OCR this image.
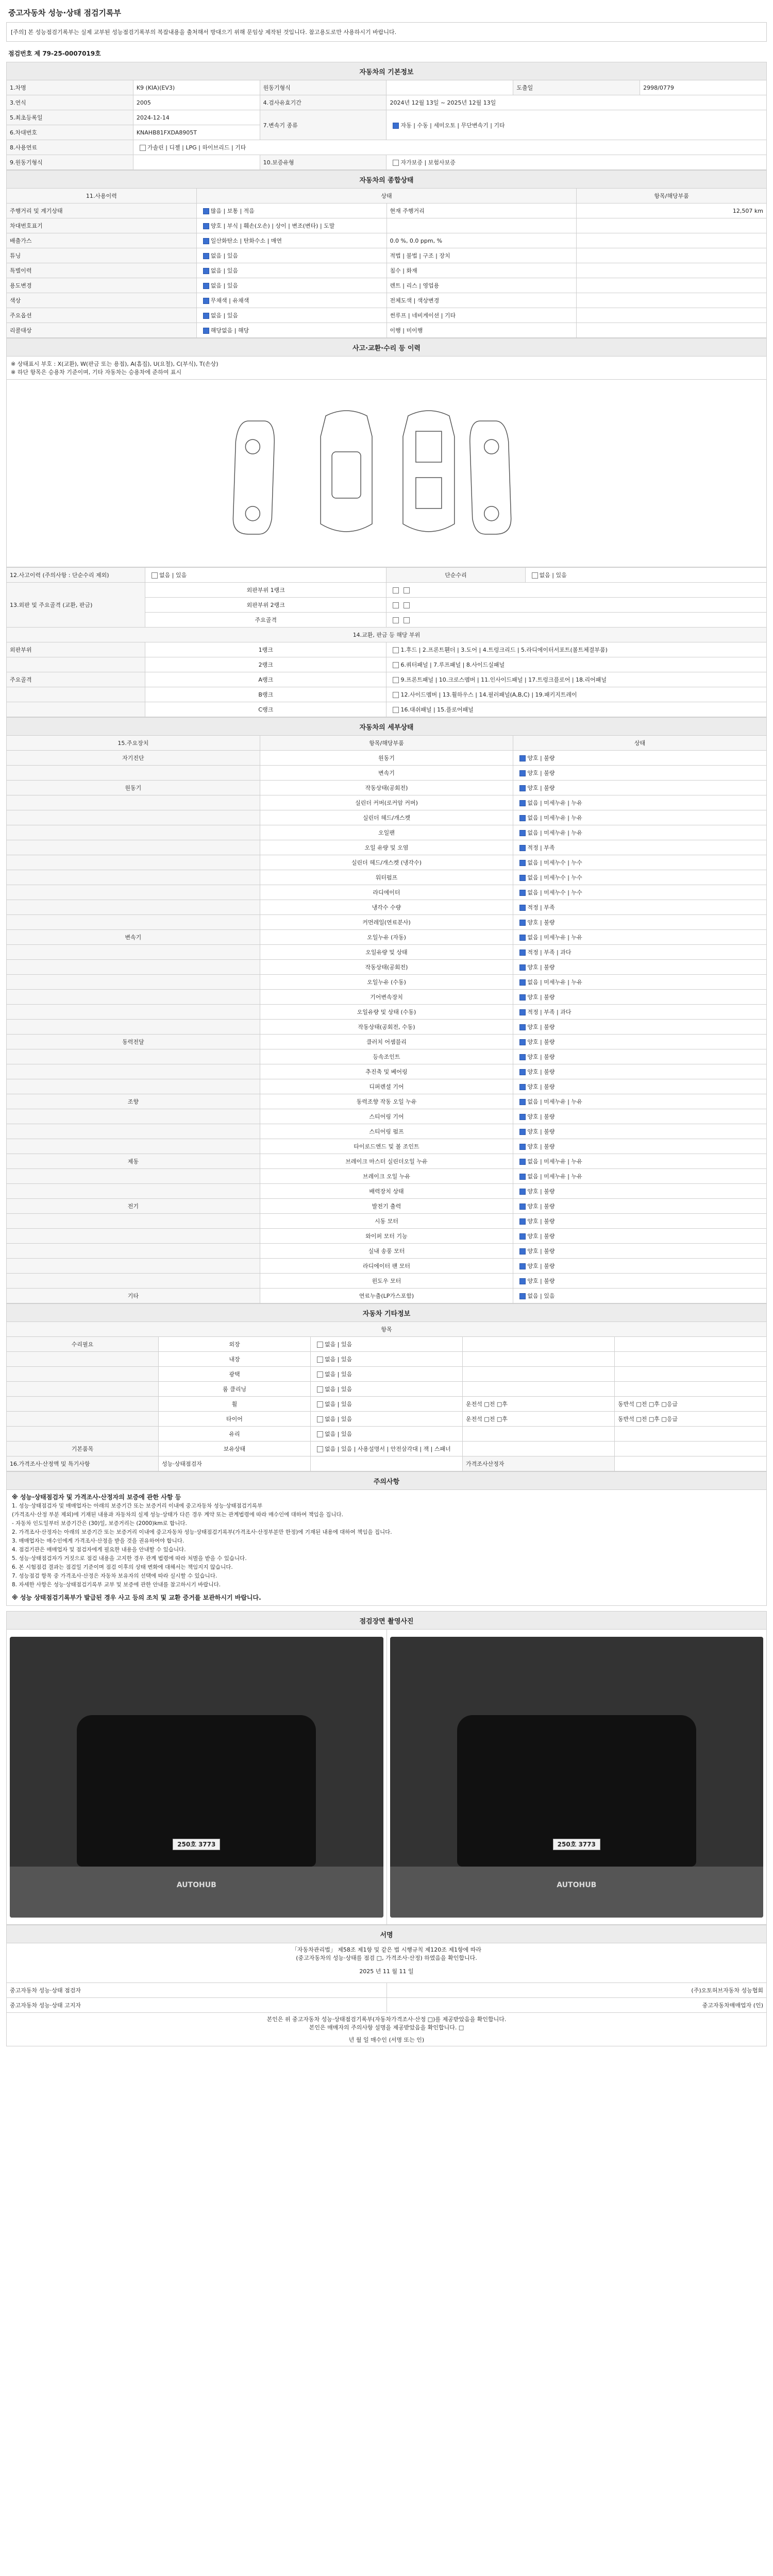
중고자동차 성능·상태 점검기록부
[주의] 본 성능점검기록부는 실제 교부된 성능점검기록부의 복잡내용을 출처해서 방대으기 위해 문임상 제작된 것입니다. 참고용도로만 사용하시기 바랍니다.
점검번호 제 79-25-0007019호
자동차의 기본정보					
1.차명	K9 (KIA)(EV3)	원동기형식		도출일	2998/0779
3.연식	2005	4.검사유효기간	2024년 12월 13일 ~ 2025년 12월 13일		
5.최초등록일	2024-12-14	7.변속기 종류	자동 | 수동 | 세미오토 | 무단변속기 | 기타		
6.차대번호	KNAHB81FXDA8905T				
8.사용연료	가솔린 | 디젤 | LPG | 하이브리드 | 기타				
9.원동기형식		10.보증유형	자가보증 | 보험사보증		
자동차의 종합상태			
11.사용이력	상태		항목/해당부품
주행거리 및 계기상태	많음 | 보통 | 적음	현재 주행거리	12,507 km
차대번호표기	양호 | 부식 | 훼손(오손) | 상이 | 변조(변타) | 도말		
배출가스	일산화탄소 | 탄화수소 | 매연	0.0 %, 0.0 ppm, %	
튜닝	없음 | 있음	적법 | 불법 | 구조 | 장치	
특별이력	없음 | 있음	침수 | 화재	
용도변경	없음 | 있음	렌트 | 리스 | 영업용	
색상	무채색 | 유채색	전체도색 | 색상변경	
주요옵션	없음 | 있음	썬루프 | 네비게이션 | 기타	
리콜대상	해당없음 | 해당	이행 | 미이행	
사고·교환·수리 등 이력

※ 상태표시 부호 : X(교환), W(판금 또는 용접), A(흠집), U(요철), C(부식), T(손상)
※ 하단 항목은 승용차 기준이며, 기타 자동차는 승용차에 준하여 표시

12.사고이력 (주의사항 : 단순수리 제외)	없음 | 있음	단순수리	없음 | 있음
13.외판 및 주요골격 (교환, 판금)	외판부위 1랭크		
	외판부위 2랭크		
	주요골격		
14.교환, 판금 등 해당 부위			
외판부위	1랭크	1.후드 | 2.프론트휀더 | 3.도어 | 4.트렁크리드 | 5.라디에이터서포트(볼트체결부품)	
	2랭크	6.쿼터패널 | 7.루프패널 | 8.사이드실패널	
주요골격	A랭크	9.프론트패널 | 10.크로스멤버 | 11.인사이드패널 | 17.트렁크플로어 | 18.리어패널	
	B랭크	12.사이드멤버 | 13.휠하우스 | 14.필러패널(A,B,C) | 19.패키지트레이	
	C랭크	16.대쉬패널 | 15.플로어패널	
자동차의 세부상태		
15.주요장치	항목/해당부품	상태
자기진단	원동기	양호 | 불량
	변속기	양호 | 불량
원동기	작동상태(공회전)	양호 | 불량
	실린더 커버(로커암 커버)	없음 | 미세누유 | 누유
	실린더 헤드/개스켓	없음 | 미세누유 | 누유
	오일팬	없음 | 미세누유 | 누유
	오일 유량 및 오염	적정 | 부족
	실린더 헤드/개스켓 (냉각수)	없음 | 미세누수 | 누수
	워터펌프	없음 | 미세누수 | 누수
	라디에이터	없음 | 미세누수 | 누수
	냉각수 수량	적정 | 부족
	커먼레일(연료분사)	양호 | 불량
변속기	오일누유 (자동)	없음 | 미세누유 | 누유
	오일유량 및 상태	적정 | 부족 | 과다
	작동상태(공회전)	양호 | 불량
	오일누유 (수동)	없음 | 미세누유 | 누유
	기어변속장치	양호 | 불량
	오일유량 및 상태 (수동)	적정 | 부족 | 과다
	작동상태(공회전, 수동)	양호 | 불량
동력전달	클러치 어셈블리	양호 | 불량
	등속조인트	양호 | 불량
	추진축 및 베어링	양호 | 불량
	디퍼렌셜 기어	양호 | 불량
조향	동력조향 작동 오일 누유	없음 | 미세누유 | 누유
	스티어링 기어	양호 | 불량
	스티어링 펌프	양호 | 불량
	타이로드엔드 및 볼 조인트	양호 | 불량
제동	브레이크 마스터 실린더오일 누유	없음 | 미세누유 | 누유
	브레이크 오일 누유	없음 | 미세누유 | 누유
	배력장치 상태	양호 | 불량
전기	발전기 출력	양호 | 불량
	시동 모터	양호 | 불량
	와이퍼 모터 기능	양호 | 불량
	실내 송풍 모터	양호 | 불량
	라디에이터 팬 모터	양호 | 불량
	윈도우 모터	양호 | 불량
기타	연료누출(LP가스포함)	없음 | 있음
자동차 기타정보				
항목				
수리필요	외장	없음 | 있음		
	내장	없음 | 있음		
	광택	없음 | 있음		
	룸 클리닝	없음 | 있음		
	휠	없음 | 있음	운전석 □전 □후	동반석 □전 □후 □응급
	타이어	없음 | 있음	운전석 □전 □후	동반석 □전 □후 □응급
	유리	없음 | 있음		
기본품목	보유상태	없음 | 있음 | 사용설명서 | 안전삼각대 | 잭 | 스패너		
16.가격조사·산정액 및 특기사항	성능·상태점검자		가격조사산정자	
주의사항

※ 성능·상태점검자 및 가격조사·산정자의 보증에 관한 사항 등
1. 성능·상태점검자 및 매매업자는 아래의 보증기간 또는 보증거리 이내에 중고자동차 성능·상태점검기록부
(가격조사·산정 부분 제외)에 기재된 내용과 자동차의 실제 성능·상태가 다른 경우 계약 또는 관계법령에 따라 매수인에 대하여 책임을 집니다.
- 자동차 인도일부터 보증기간은 (30)일, 보증거리는 (2000)km로 합니다.
2. 가격조사·산정자는 아래의 보증기간 또는 보증거리 이내에 중고자동차 성능·상태점검기록부(가격조사·산정부분만 한정)에 기재된 내용에 대하여 책임을 집니다.
3. 매매업자는 매수인에게 가격조사·산정을 받을 것을 권유하여야 합니다.
4. 점검기관은 매매업자 및 점검자에게 필요한 내용을 안내할 수 있습니다.
5. 성능·상태점검자가 거짓으로 점검 내용을 고지한 경우 관계 법령에 따라 처벌을 받을 수 있습니다.
6. 본 시험점검 결과는 점검일 기준이며 점검 이후의 상태 변화에 대해서는 책임지지 않습니다.
7. 성능점검 항목 중 가격조사·산정은 자동차 보유자의 선택에 따라 실시할 수 있습니다.
8. 자세한 사항은 성능·상태점검기록부 교부 및 보증에 관한 안내를 참고하시기 바랍니다.
※ 성능 상태점검기록부가 발급된 경우 사고 등의 조치 및 교환 증거를 보관하시기 바랍니다.
점검장면 촬영사진

250호 3773
AUTOHUB

250호 3773
AUTOHUB
서명	

「자동차관리법」 제58조 제1항 및 같은 법 시행규칙 제120조 제1항에 따라
(중고자동차의 성능·상태를 점검 □, 가격조사·산정) 하였음을 확인합니다.
2025 년 11 월 11 일	

중고자동차 성능·상태 점검자	(주)오토허브자동차 성능협회
중고자동차 성능·상태 고지자	중고자동차매매업자 (인)

본인은 위 중고자동차 성능·상태점검기록부(자동차가격조사·산정 □)를 제공받았음을 확인합니다.
본인은 매매자의 주의사항 설명을 제공받았음을 확인합니다. □
년 월 일 매수인 (서명 또는 인)	
